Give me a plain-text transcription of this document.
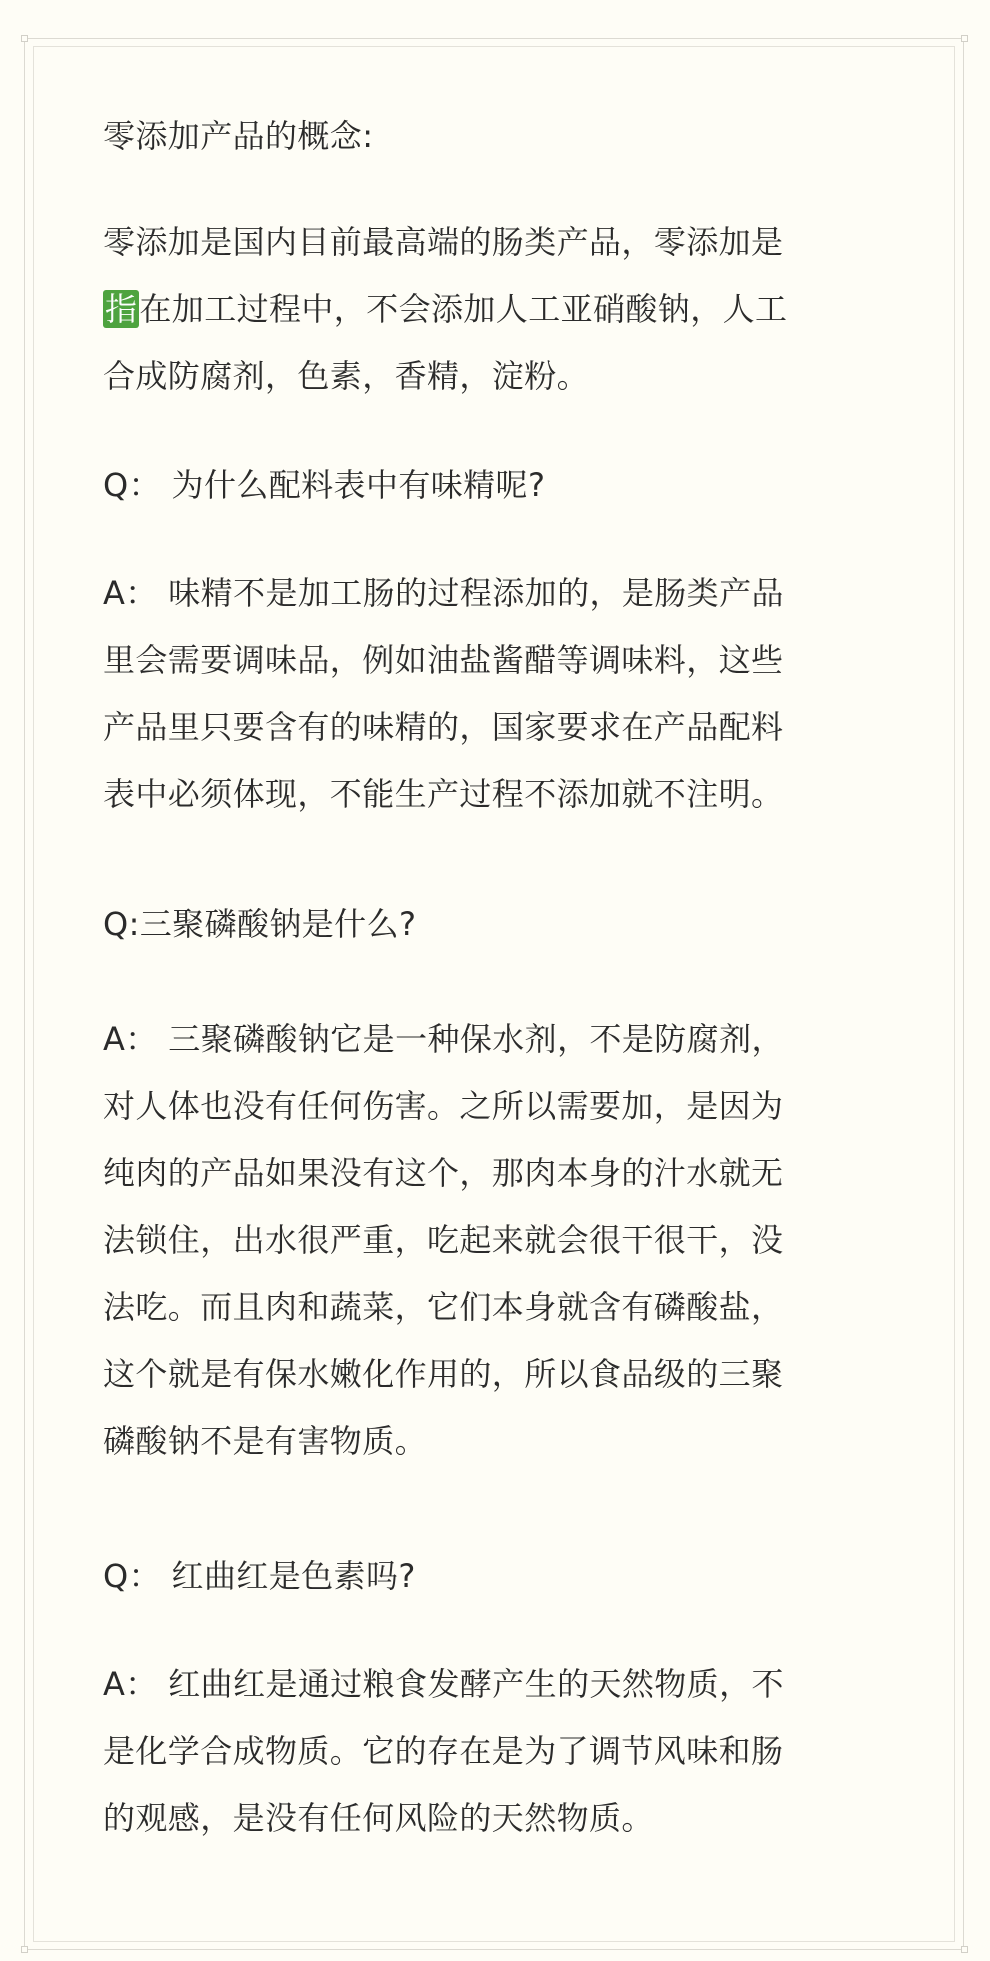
零添加产品的概念:
零添加是国内目前最高端的肠类产品，零添加是
指在加工过程中，不会添加人工亚硝酸钠，人工
合成防腐剂，色素，香精，淀粉。
Q： 为什么配料表中有味精呢?
A： 味精不是加工肠的过程添加的，是肠类产品
里会需要调味品，例如油盐酱醋等调味料，这些
产品里只要含有的味精的，国家要求在产品配料
表中必须体现，不能生产过程不添加就不注明。
Q:三聚磷酸钠是什么?
A： 三聚磷酸钠它是一种保水剂，不是防腐剂，
对人体也没有任何伤害。之所以需要加，是因为
纯肉的产品如果没有这个，那肉本身的汁水就无
法锁住，出水很严重，吃起来就会很干很干，没
法吃。而且肉和蔬菜，它们本身就含有磷酸盐，
这个就是有保水嫩化作用的，所以食品级的三聚
磷酸钠不是有害物质。
Q： 红曲红是色素吗?
A： 红曲红是通过粮食发酵产生的天然物质，不
是化学合成物质。它的存在是为了调节风味和肠
的观感，是没有任何风险的天然物质。
